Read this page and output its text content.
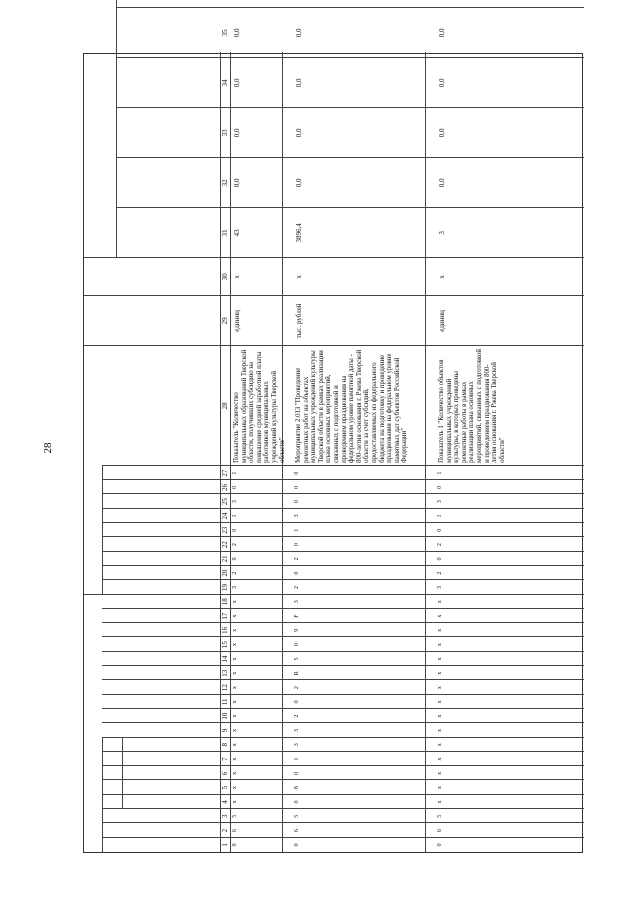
28
1
2
3
4
5
6
7
8
9
10
11
12
13
14
15
16
17
18
19
20
21
22
23
24
25
26
27
28
29
30
31
32
33
34
35
0
6
5
х
х
х
х
х
х
х
х
х
х
х
х
х
х
х
3
2
0
2
0
1
3
0
1
Показатель "Количество муниципальных образований Тверской области, получивших субсидию на повышение средней заработной платы работников муниципальных учреждений культуры Тверской области"
единиц
х
43
0,0
0,0
0,0
0,0
0
6
5
0
8
0
1
3
3
2
0
2
R
5
0
9
F
3
2
0
2
0
1
3
0
0
0
Мероприятие 2.013 "Проведение ремонтных работ на объектах муниципальных учреждений культуры Тверской области в рамках реализации плана основных мероприятий, связанных с подготовкой и проведением празднования на федеральном уровне памятной даты - 800-летия основания г. Ржева Тверской области за счет субсидий, предоставляемых из федерального бюджета на подготовку и проведение празднования на федеральном уровне памятных дат субъектов Российской Федерации"
тыс. рублей
х
3896,4
0,0
0,0
0,0
0,0
0
6
5
х
х
х
х
х
х
х
х
х
х
х
х
х
х
х
3
2
0
2
0
1
3
0
1
Показатель 1 "Количество объектов муниципальных учреждений культуры, в которых проведены ремонтные работы в рамках реализации плана основных мероприятий, связанных с подготовкой и проведением празднования 800-летия основания г. Ржева Тверской области"
единиц
х
3
0,0
0,0
0,0
0,0
